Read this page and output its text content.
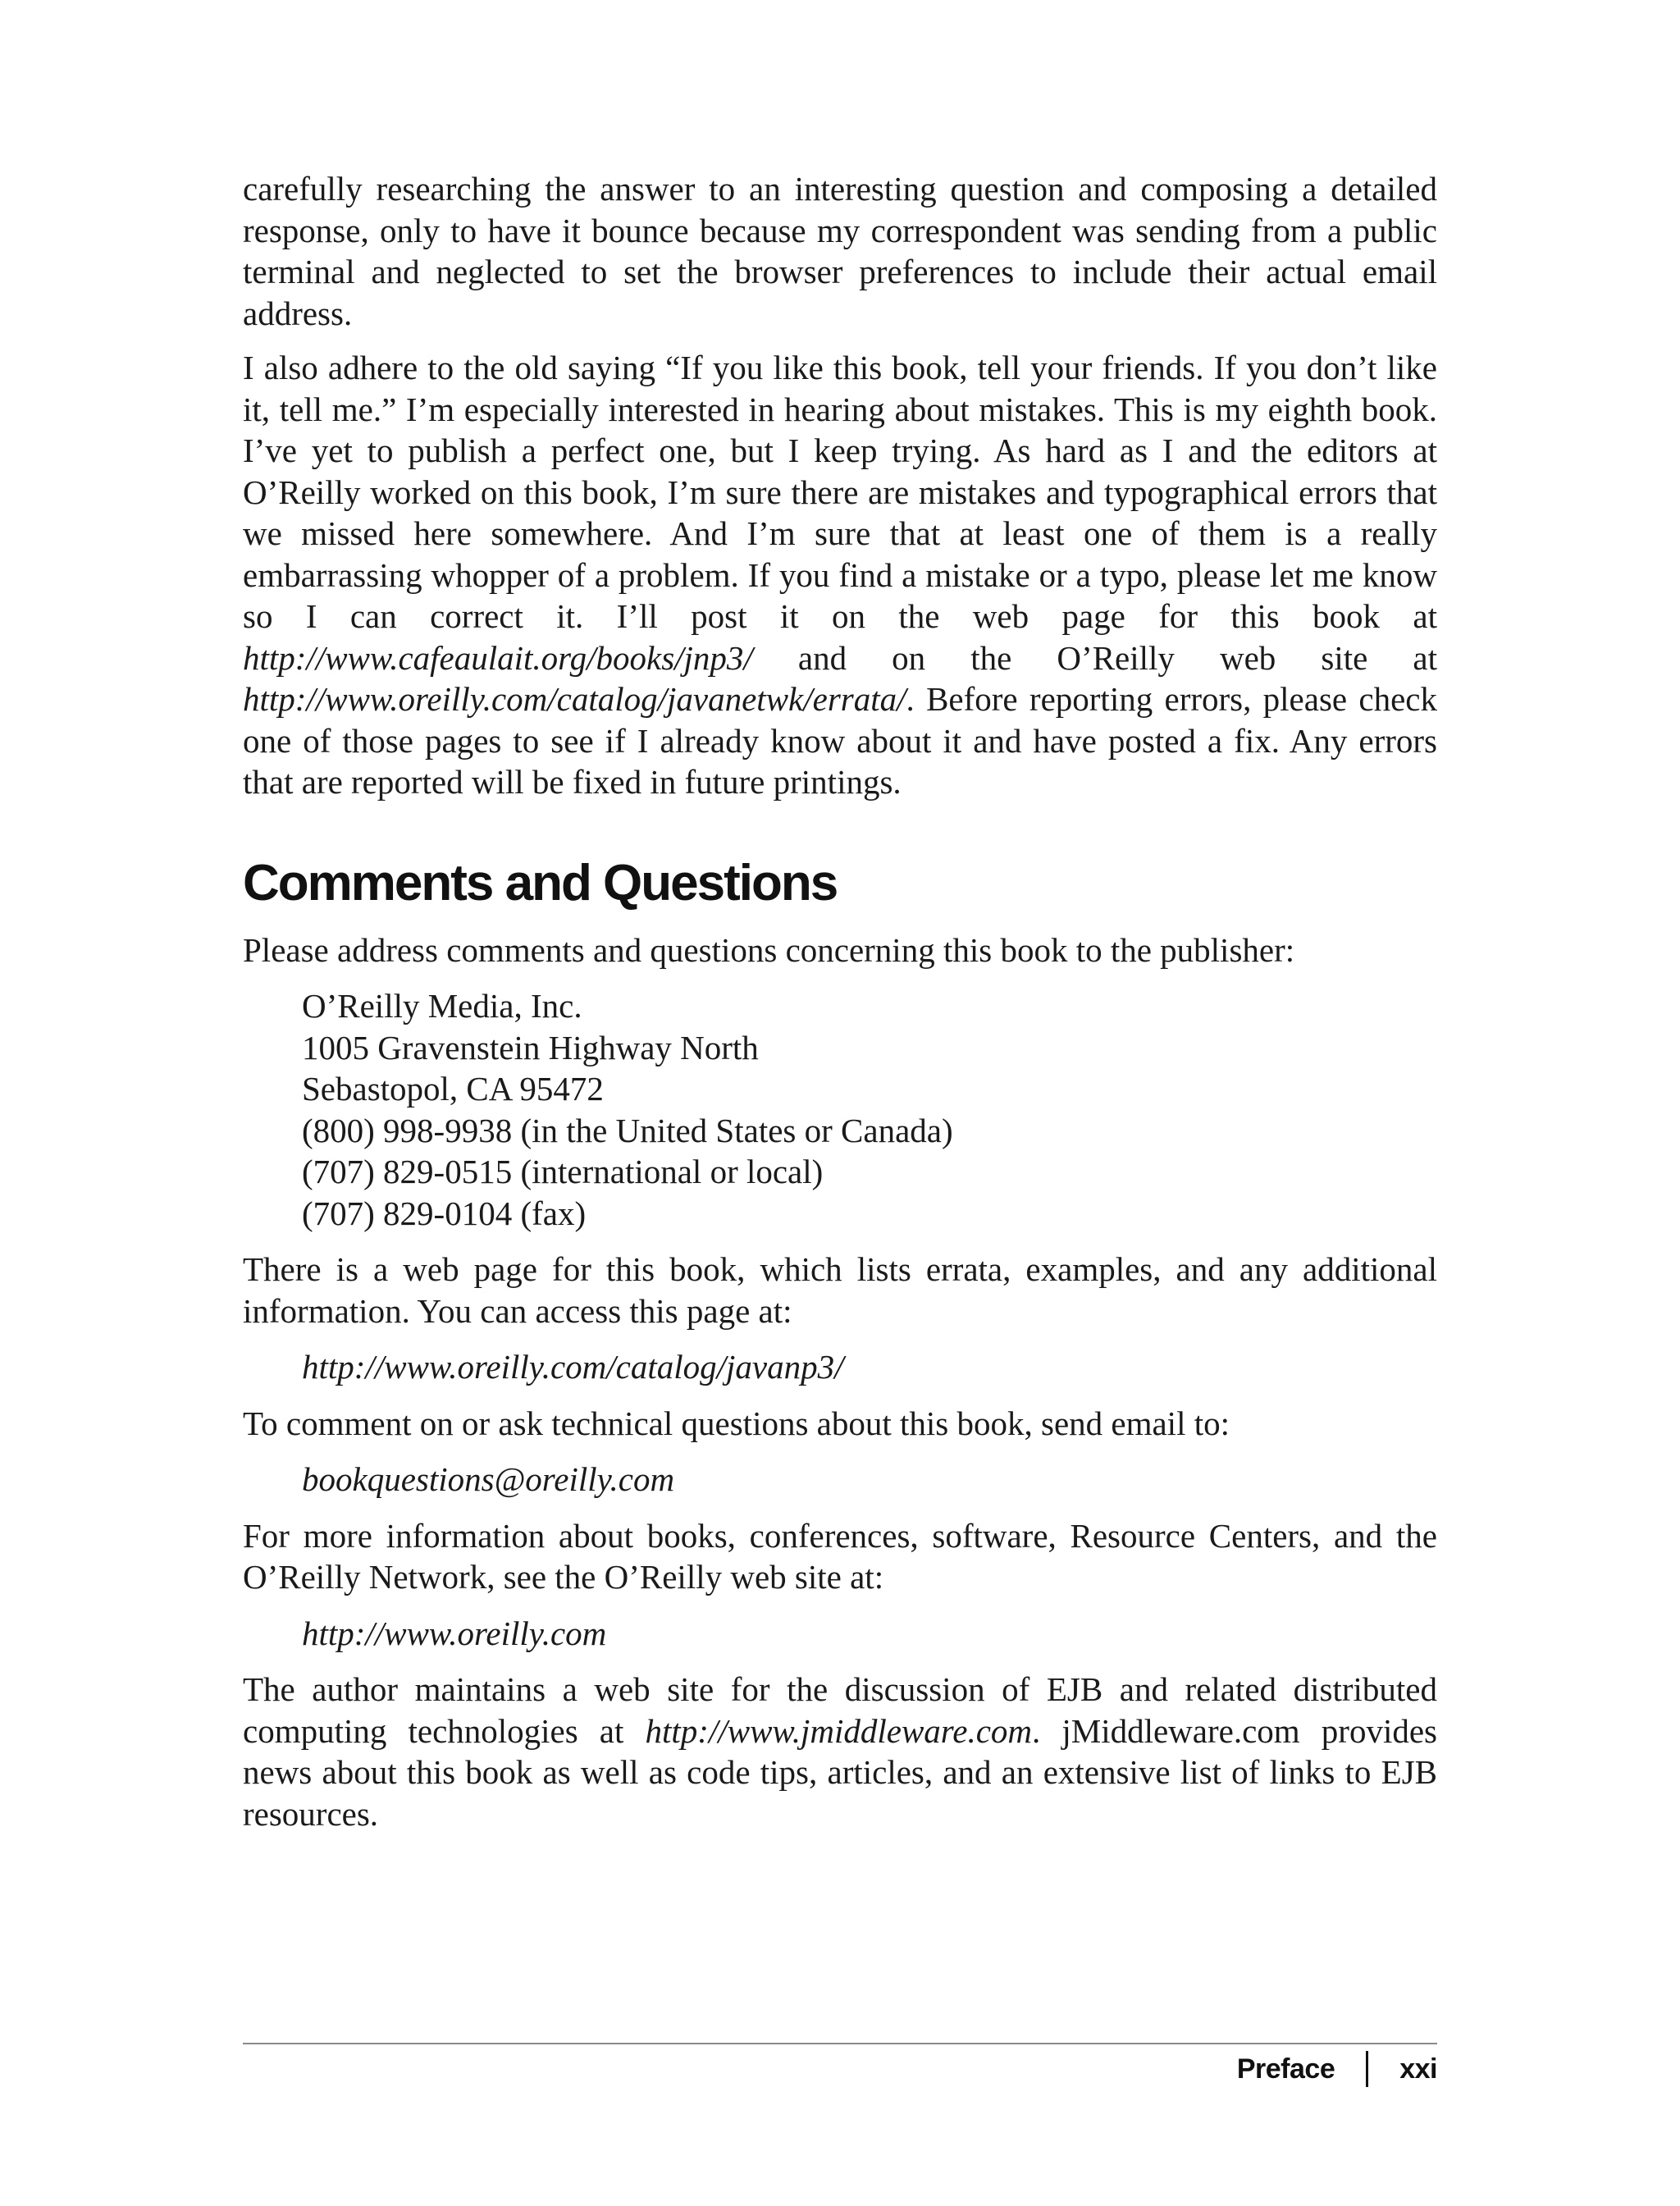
carefully researching the answer to an interesting question and composing a detailed response, only to have it bounce because my correspondent was sending from a public terminal and neglected to set the browser preferences to include their actual email address.

I also adhere to the old saying “If you like this book, tell your friends. If you don’t like it, tell me.” I’m especially interested in hearing about mistakes. This is my eighth book. I’ve yet to publish a perfect one, but I keep trying. As hard as I and the editors at O’Reilly worked on this book, I’m sure there are mistakes and typographical errors that we missed here somewhere. And I’m sure that at least one of them is a really embarrassing whopper of a problem. If you find a mistake or a typo, please let me know so I can correct it. I’ll post it on the web page for this book at http://www.cafeaulait.org/books/jnp3/ and on the O’Reilly web site at http://www.oreilly.com/catalog/javanetwk/errata/. Before reporting errors, please check one of those pages to see if I already know about it and have posted a fix. Any errors that are reported will be fixed in future printings.

Comments and Questions

Please address comments and questions concerning this book to the publisher:

O’Reilly Media, Inc.
1005 Gravenstein Highway North
Sebastopol, CA 95472
(800) 998-9938 (in the United States or Canada)
(707) 829-0515 (international or local)
(707) 829-0104 (fax)

There is a web page for this book, which lists errata, examples, and any additional information. You can access this page at:

http://www.oreilly.com/catalog/javanp3/

To comment on or ask technical questions about this book, send email to:

bookquestions@oreilly.com

For more information about books, conferences, software, Resource Centers, and the O’Reilly Network, see the O’Reilly web site at:

http://www.oreilly.com

The author maintains a web site for the discussion of EJB and related distributed computing technologies at http://www.jmiddleware.com. jMiddleware.com provides news about this book as well as code tips, articles, and an extensive list of links to EJB resources.

Preface xxi
